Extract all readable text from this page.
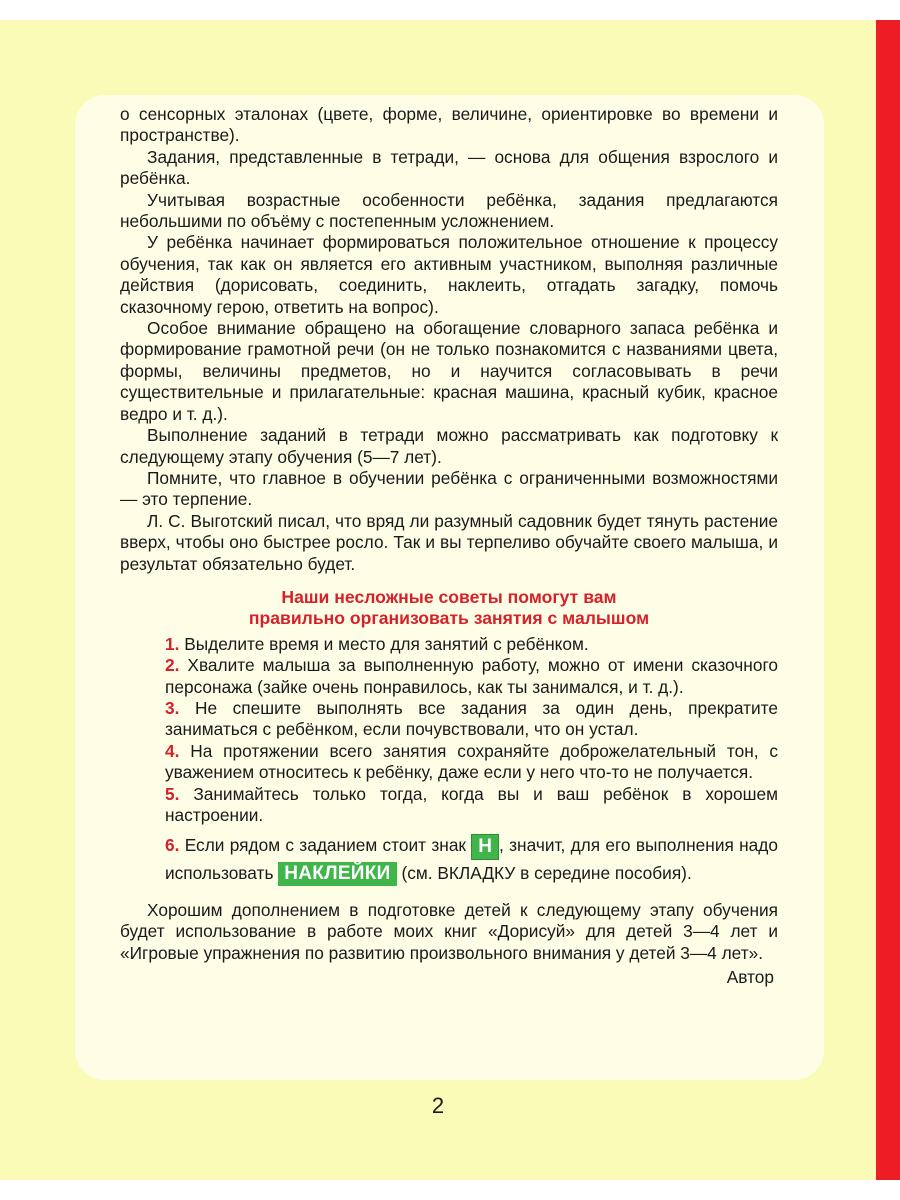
о сенсорных эталонах (цвете, форме, величине, ориентировке во времени и пространстве).

Задания, представленные в тетради, — основа для общения взрослого и ребёнка.

Учитывая возрастные особенности ребёнка, задания предлагаются небольшими по объёму с постепенным усложнением.

У ребёнка начинает формироваться положительное отношение к процессу обучения, так как он является его активным участником, выполняя различные действия (дорисовать, соединить, наклеить, отгадать загадку, помочь сказочному герою, ответить на вопрос).

Особое внимание обращено на обогащение словарного запаса ребёнка и формирование грамотной речи (он не только познакомится с названиями цвета, формы, величины предметов, но и научится согласовывать в речи существительные и прилагательные: красная машина, красный кубик, красное ведро и т. д.).

Выполнение заданий в тетради можно рассматривать как подготовку к следующему этапу обучения (5—7 лет).

Помните, что главное в обучении ребёнка с ограниченными возможностями — это терпение.

Л. С. Выготский писал, что вряд ли разумный садовник будет тянуть растение вверх, чтобы оно быстрее росло. Так и вы терпеливо обучайте своего малыша, и результат обязательно будет.

Наши несложные советы помогут вам
правильно организовать занятия с малышом

1. Выделите время и место для занятий с ребёнком.

2. Хвалите малыша за выполненную работу, можно от имени сказочного персонажа (зайке очень понравилось, как ты занимался, и т. д.).

3. Не спешите выполнять все задания за один день, прекратите заниматься с ребёнком, если почувствовали, что он устал.

4. На протяжении всего занятия сохраняйте доброжелательный тон, с уважением относитесь к ребёнку, даже если у него что-то не получается.

5. Занимайтесь только тогда, когда вы и ваш ребёнок в хорошем настроении.

6. Если рядом с заданием стоит знак Н , значит, для его выполнения надо использовать НАКЛЕЙКИ (см. ВКЛАДКУ в середине пособия).

Хорошим дополнением в подготовке детей к следующему этапу обучения будет использование в работе моих книг «Дорисуй» для детей 3—4 лет и «Игровые упражнения по развитию произвольного внимания у детей 3—4 лет».

Автор
2
